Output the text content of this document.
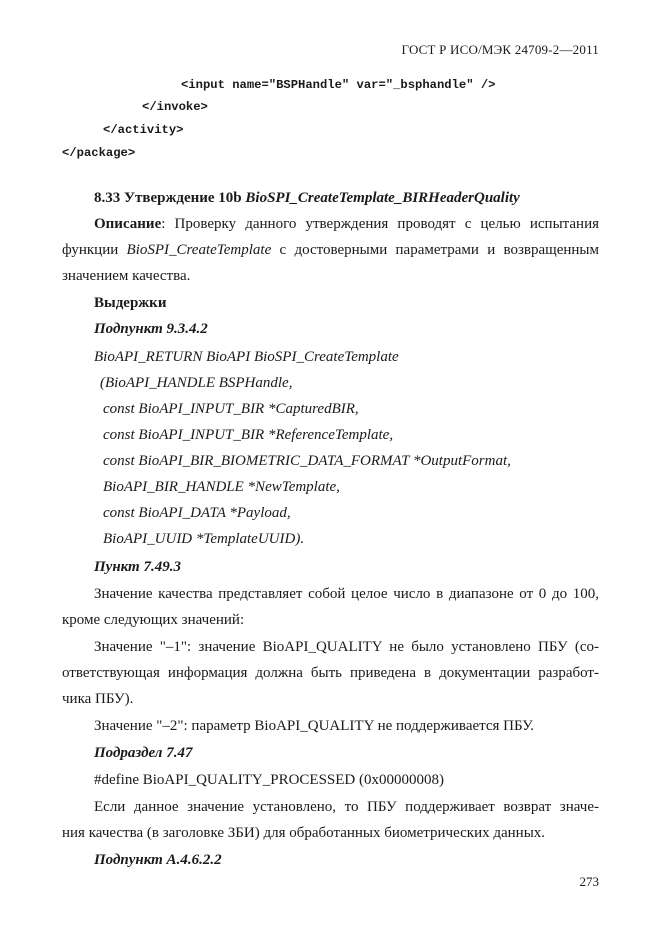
ГОСТ Р ИСО/МЭК 24709-2—2011
<input name="BSPHandle" var="_bsphandle" />
</invoke>
</activity>
</package>
8.33 Утверждение 10b BioSPI_CreateTemplate_BIRHeaderQuality
Описание: Проверку данного утверждения проводят с целью испытания
функции BioSPI_CreateTemplate с достоверными параметрами и возвращенным
значением качества.
Выдержки
Подпункт 9.3.4.2
BioAPI_RETURN BioAPI BioSPI_CreateTemplate
(BioAPI_HANDLE BSPHandle,
const BioAPI_INPUT_BIR *CapturedBIR,
const BioAPI_INPUT_BIR *ReferenceTemplate,
const BioAPI_BIR_BIOMETRIC_DATA_FORMAT *OutputFormat,
BioAPI_BIR_HANDLE *NewTemplate,
const BioAPI_DATA *Payload,
BioAPI_UUID *TemplateUUID).
Пункт 7.49.3
Значение качества представляет собой целое число в диапазоне от 0 до 100,
кроме следующих значений:
Значение "–1": значение BioAPI_QUALITY не было установлено ПБУ (со-
ответствующая информация должна быть приведена в документации разработ-
чика ПБУ).
Значение "–2": параметр BioAPI_QUALITY не поддерживается ПБУ.
Подраздел 7.47
#define BioAPI_QUALITY_PROCESSED (0x00000008)
Если данное значение установлено, то ПБУ поддерживает возврат значе-
ния качества (в заголовке ЗБИ) для обработанных биометрических данных.
Подпункт А.4.6.2.2
273
